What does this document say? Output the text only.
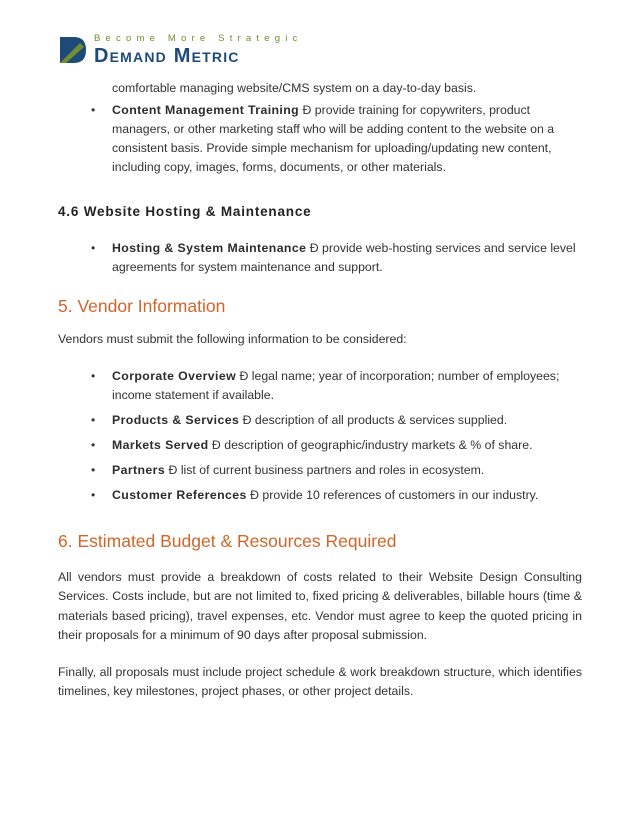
Become More Strategic
Demand Metric
comfortable managing website/CMS system on a day-to-day basis.
• Content Management Training Ð provide training for copywriters, product managers, or other marketing staff who will be adding content to the website on a consistent basis. Provide simple mechanism for uploading/updating new content, including copy, images, forms, documents, or other materials.
4.6 Website Hosting & Maintenance
• Hosting & System Maintenance Ð provide web-hosting services and service level agreements for system maintenance and support.
5. Vendor Information

Vendors must submit the following information to be considered:

• Corporate Overview Ð legal name; year of incorporation; number of employees; income statement if available.
• Products & Services Ð description of all products & services supplied.
• Markets Served Ð description of geographic/industry markets & % of share.
• Partners Ð list of current business partners and roles in ecosystem.
• Customer References Ð provide 10 references of customers in our industry.
6. Estimated Budget & Resources Required

All vendors must provide a breakdown of costs related to their Website Design Consulting Services. Costs include, but are not limited to, fixed pricing & deliverables, billable hours (time & materials based pricing), travel expenses, etc. Vendor must agree to keep the quoted pricing in their proposals for a minimum of 90 days after proposal submission.

Finally, all proposals must include project schedule & work breakdown structure, which identifies timelines, key milestones, project phases, or other project details.
